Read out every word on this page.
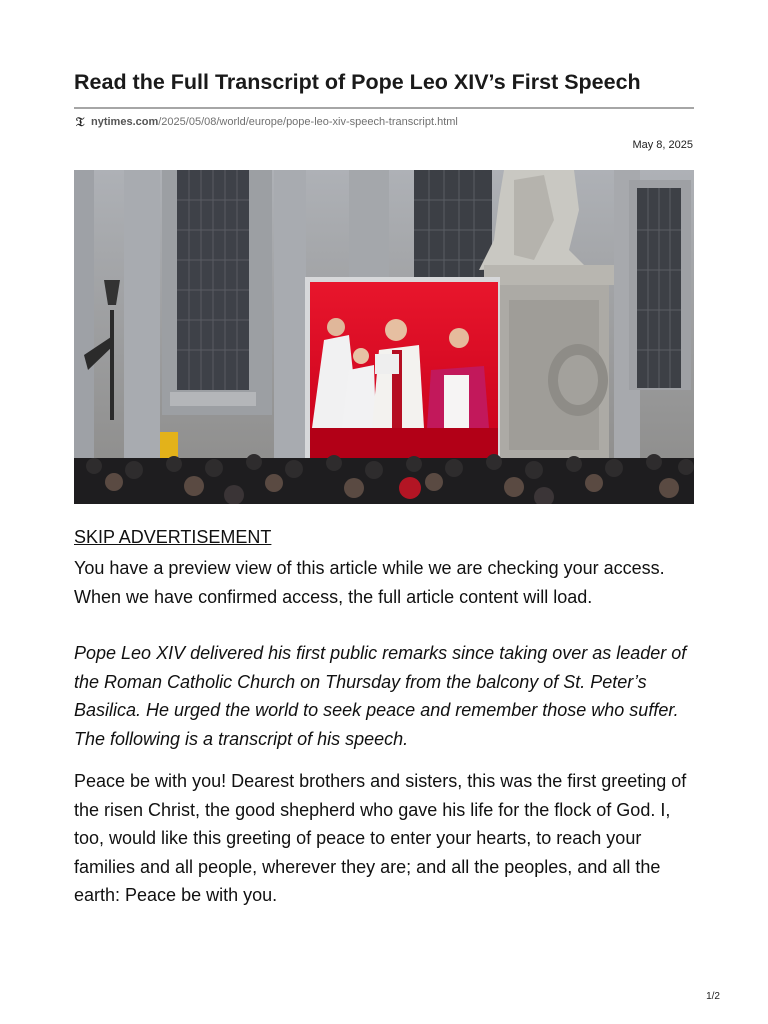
Read the Full Transcript of Pope Leo XIV’s First Speech
𝔗 nytimes.com /2025/05/08/world/europe/pope-leo-xiv-speech-transcript.html
May 8, 2025
SKIP ADVERTISEMENT

You have a preview view of this article while we are checking your access. When we have confirmed access, the full article content will load.

Pope Leo XIV delivered his first public remarks since taking over as leader of the Roman Catholic Church on Thursday from the balcony of St. Peter’s Basilica. He urged the world to seek peace and remember those who suffer. The following is a transcript of his speech.

Peace be with you! Dearest brothers and sisters, this was the first greeting of the risen Christ, the good shepherd who gave his life for the flock of God. I, too, would like this greeting of peace to enter your hearts, to reach your families and all people, wherever they are; and all the peoples, and all the earth: Peace be with you.

1/2
